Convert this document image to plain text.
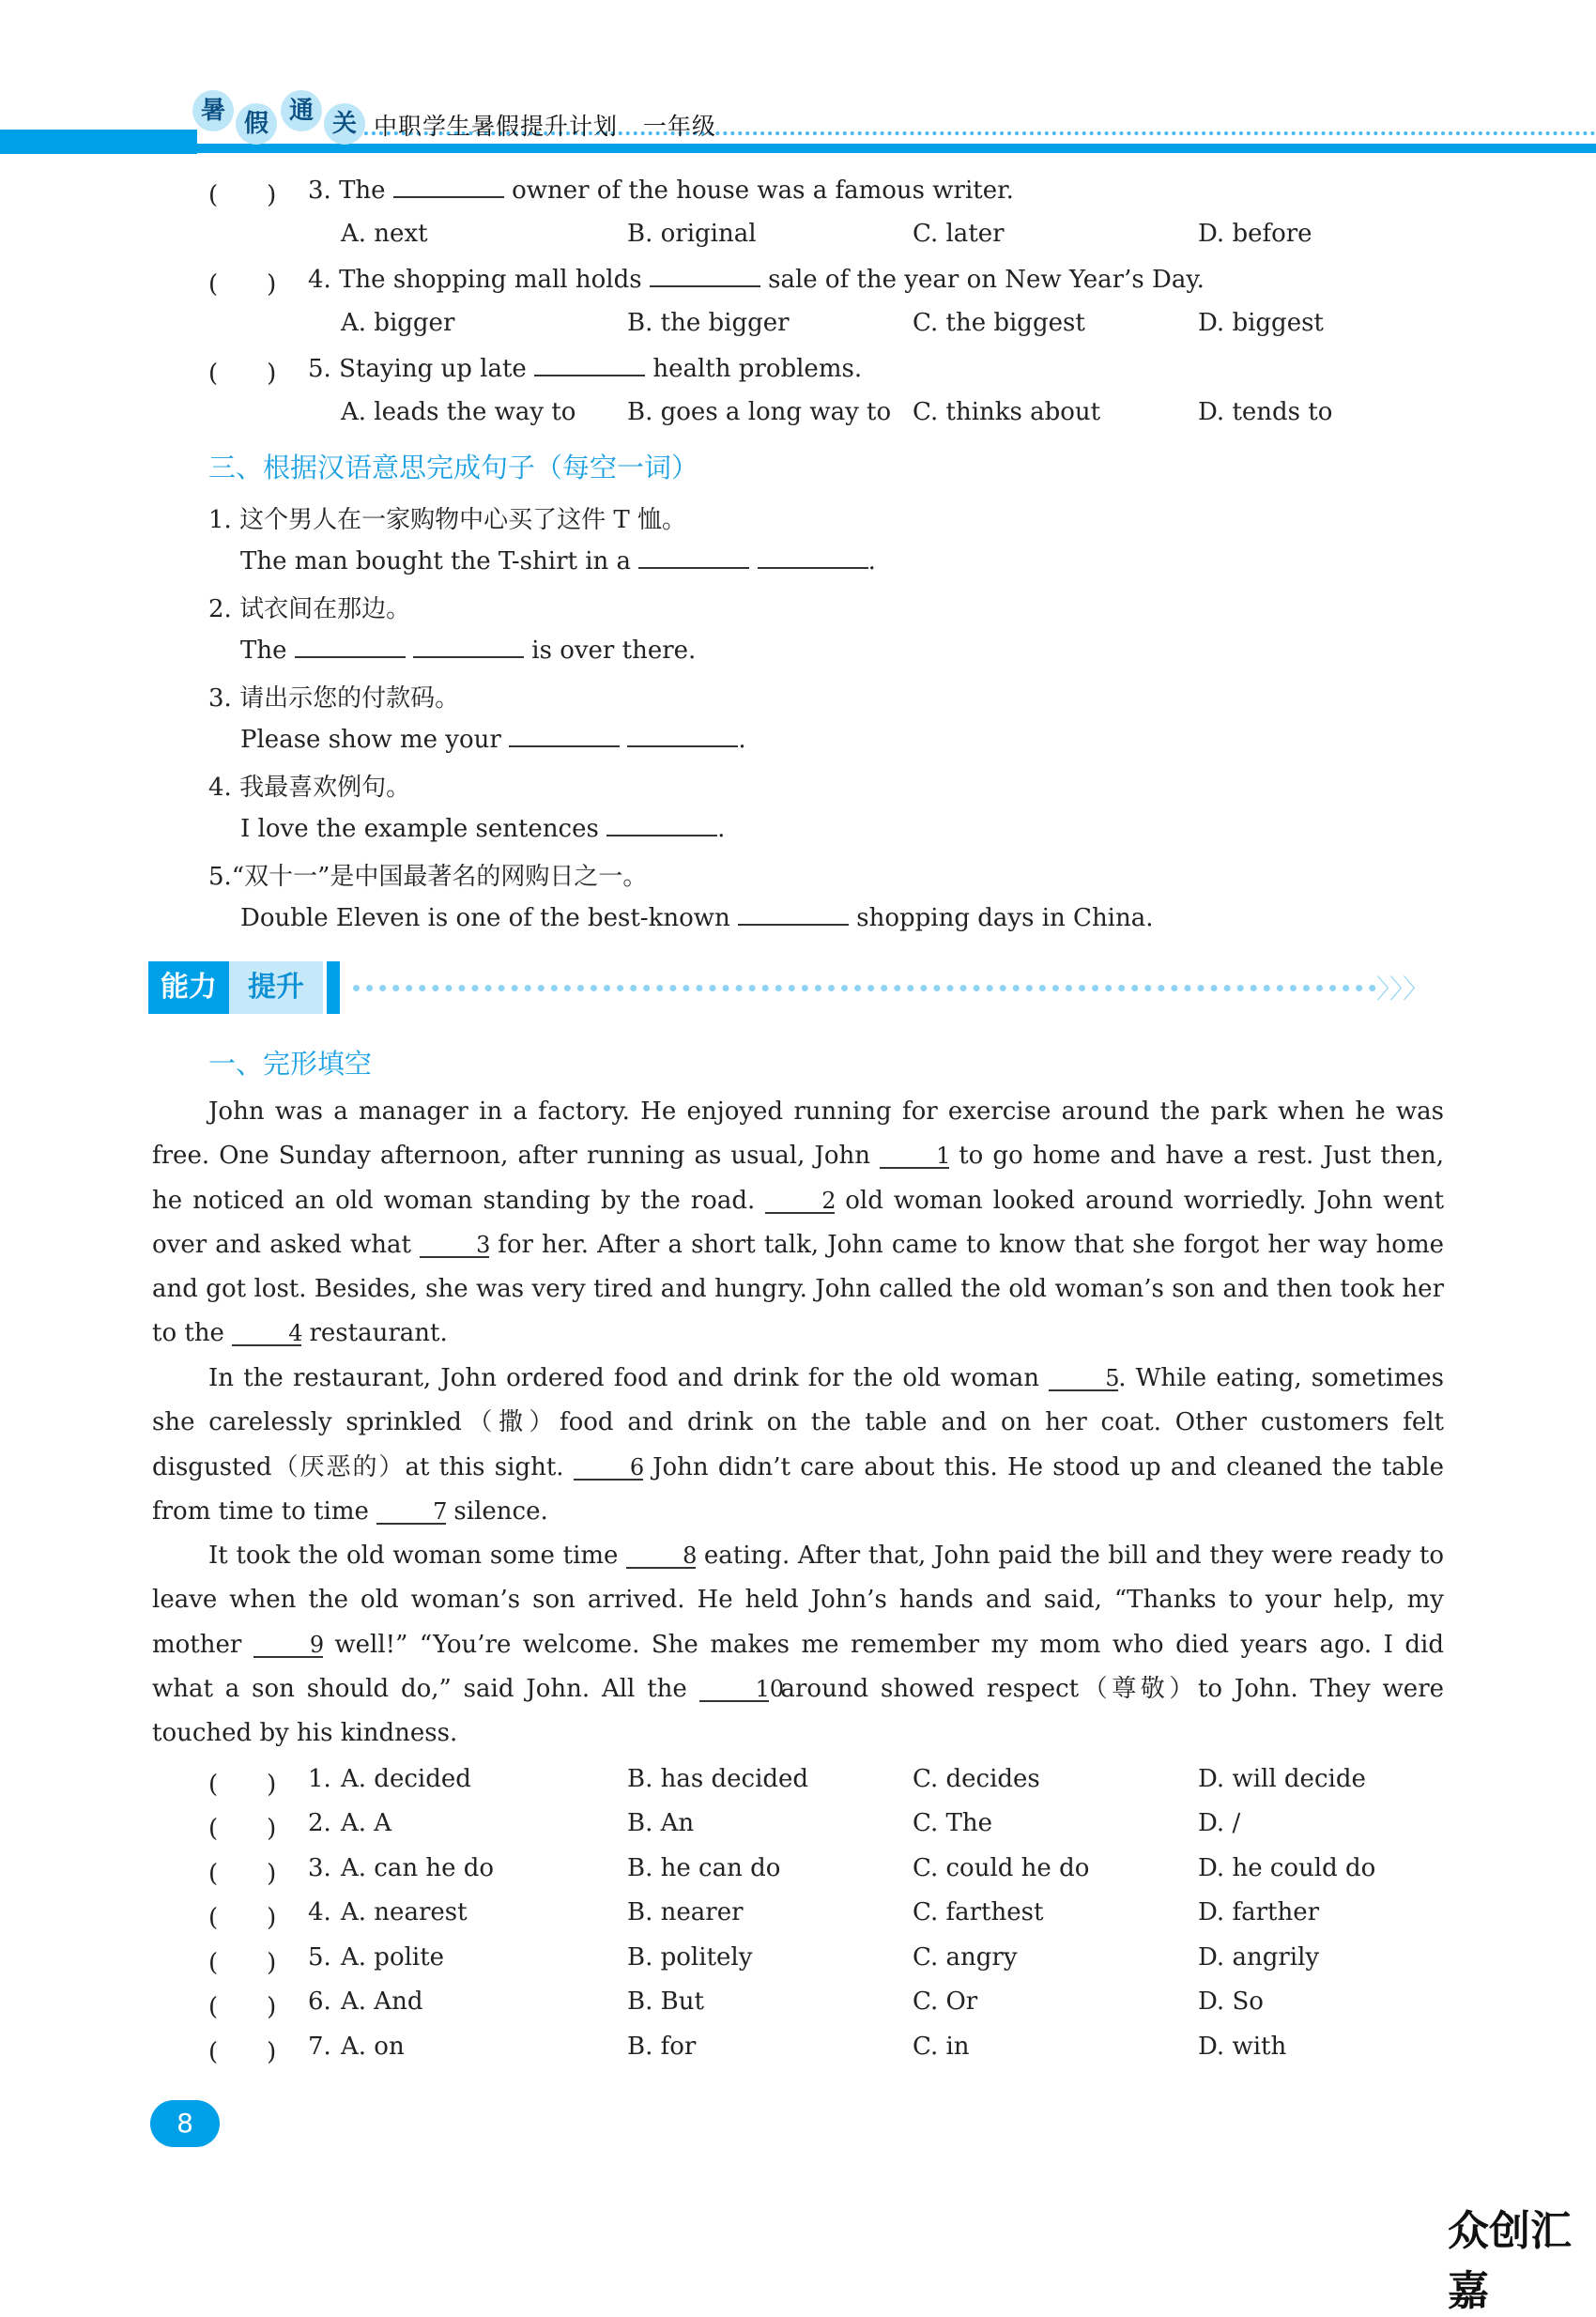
暑 假 通 关 中职学生暑假提升计划 一年级
(　　) 3. The	owner of the house was a famous writer.
A. next	B. original	C. later	D. before
(　　) 4. The shopping mall holds	sale of the year on New Year’s Day.
A. bigger	B. the bigger	C. the biggest	D. biggest
(　　) 5. Staying up late	health problems.
A. leads the way to B. goes a long way to C. thinks about	D. tends to
三、根据汉语意思完成句子（每空一词）
1. 这个男人在一家购物中心买了这件 T 恤。
The man bought the T-shirt in a	.
2. 试衣间在那边。
The	is over there.
3. 请出示您的付款码。
Please show me your	.
4. 我最喜欢例句。
I love the example sentences	.
5.“双十一”是中国最著名的网购日之一。
Double Eleven is one of the best-known	shopping days in China.
能力	提升	〉〉〉
一、完形填空
John was a manager in a factory. He enjoyed running for exercise around the park when he was free. One Sunday afternoon, after running as usual, John	1 to go home and have a rest. Just then, he noticed an old woman standing by the road.	2 old woman looked around worriedly. John went over and asked what	3 for her. After a short talk, John came to know that she forgot her way home and got lost. Besides, she was very tired and hungry. John called the old woman’s son and then took her to the	4 restaurant.
In the restaurant, John ordered food and drink for the old woman	5. While eating, sometimes she carelessly sprinkled（撒）food and drink on the table and on her coat. Other customers felt disgusted（厌恶的）at this sight.	6 John didn’t care about this. He stood up and cleaned the table from time to time	7 silence.
It took the old woman some time	8 eating. After that, John paid the bill and they were ready to leave when the old woman’s son arrived. He held John’s hands and said, “Thanks to your help, my mother	9 well!” “You’re welcome. She makes me remember my mom who died years ago. I did what a son should do,” said John. All the	10 around showed respect（尊敬）to John. They were touched by his kindness.
(　　) 1. A. decided	B. has decided	C. decides	D. will decide
(　　) 2. A. A	B. An	C. The	D. /
(　　) 3. A. can he do	B. he can do	C. could he do	D. he could do
(　　) 4. A. nearest	B. nearer	C. farthest	D. farther
(　　) 5. A. polite	B. politely	C. angry	D. angrily
(　　) 6. A. And	B. But	C. Or	D. So
(　　) 7. A. on	B. for	C. in	D. with
8
众创汇嘉
